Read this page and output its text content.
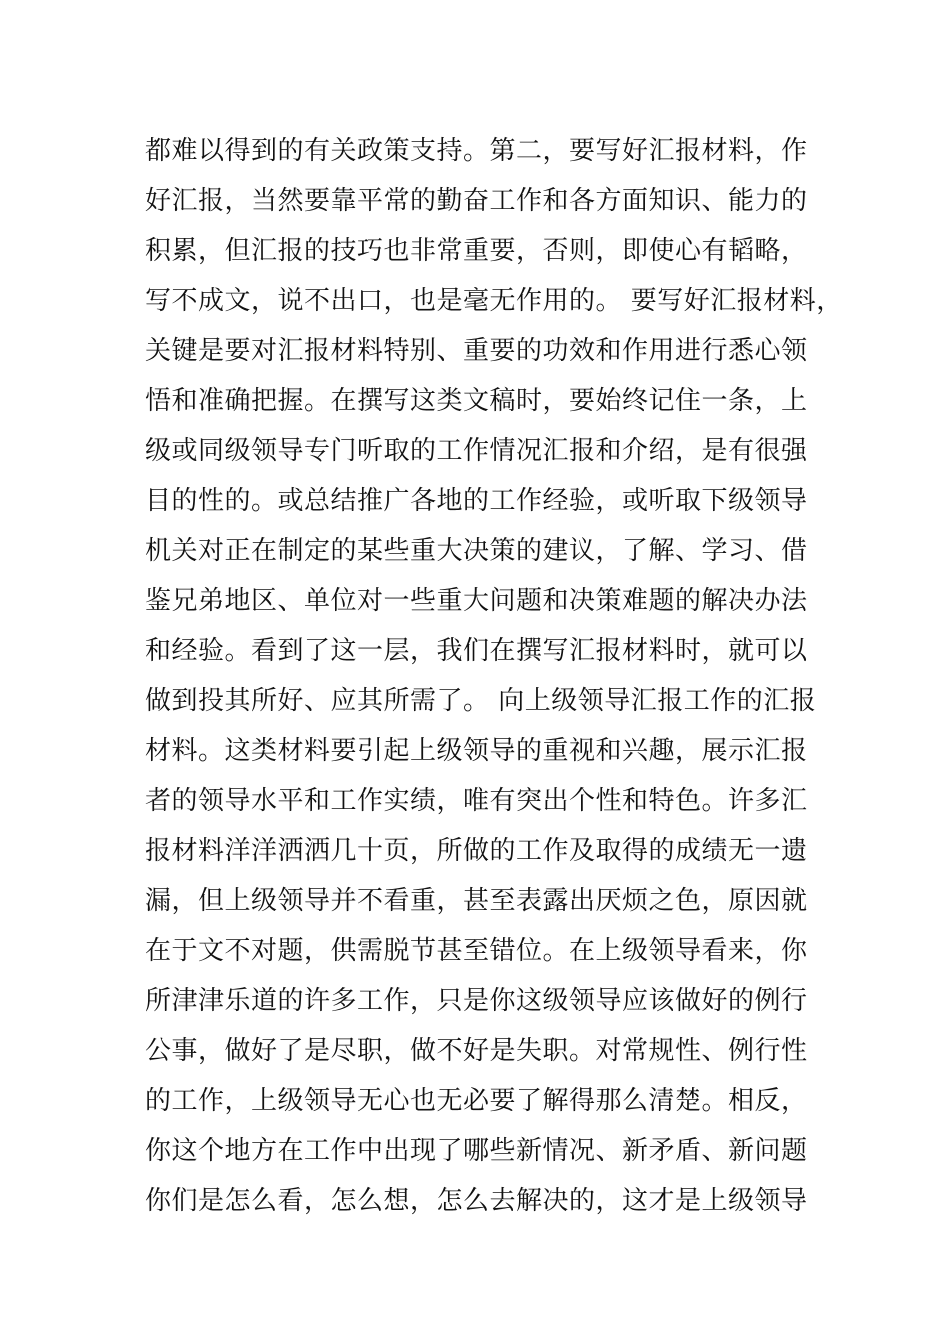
都难以得到的有关政策支持。第二，要写好汇报材料，作
好汇报，当然要靠平常的勤奋工作和各方面知识、能力的
积累，但汇报的技巧也非常重要，否则，即使心有韬略，
写不成文，说不出口，也是毫无作用的。 要写好汇报材料，
关键是要对汇报材料特别、重要的功效和作用进行悉心领
悟和准确把握。在撰写这类文稿时，要始终记住一条，上
级或同级领导专门听取的工作情况汇报和介绍，是有很强
目的性的。或总结推广各地的工作经验，或听取下级领导
机关对正在制定的某些重大决策的建议，了解、学习、借
鉴兄弟地区、单位对一些重大问题和决策难题的解决办法
和经验。看到了这一层，我们在撰写汇报材料时，就可以
做到投其所好、应其所需了。 向上级领导汇报工作的汇报
材料。这类材料要引起上级领导的重视和兴趣，展示汇报
者的领导水平和工作实绩，唯有突出个性和特色。许多汇
报材料洋洋洒洒几十页，所做的工作及取得的成绩无一遗
漏，但上级领导并不看重，甚至表露出厌烦之色，原因就
在于文不对题，供需脱节甚至错位。在上级领导看来，你
所津津乐道的许多工作，只是你这级领导应该做好的例行
公事，做好了是尽职，做不好是失职。对常规性、例行性
的工作，上级领导无心也无必要了解得那么清楚。相反，
你这个地方在工作中出现了哪些新情况、新矛盾、新问题
你们是怎么看，怎么想，怎么去解决的，这才是上级领导
